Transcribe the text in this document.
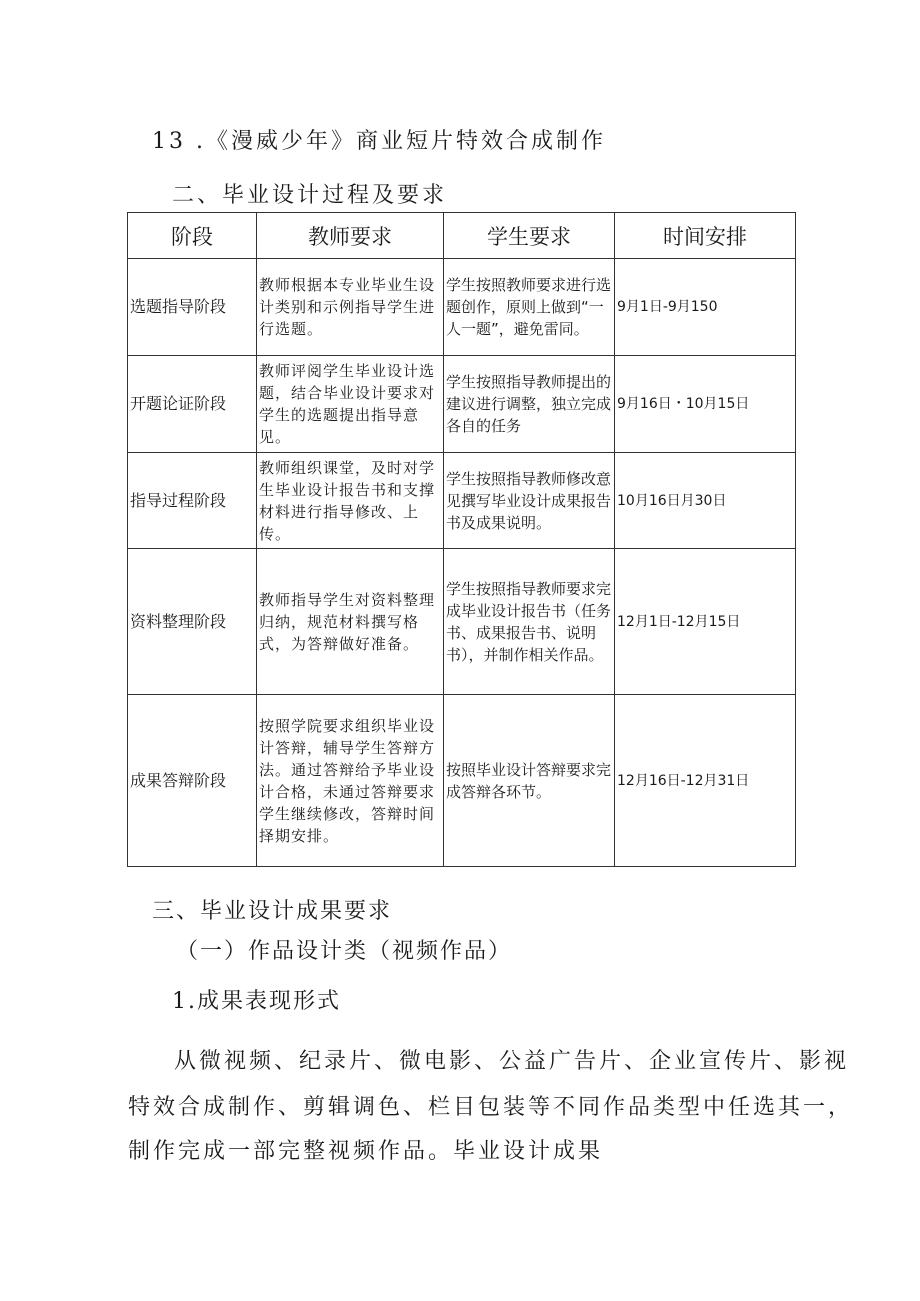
13 .《漫威少年》商业短片特效合成制作
二、毕业设计过程及要求
阶段	教师要求	学生要求	时间安排
选题指导阶段	教师根据本专业毕业生设计类别和示例指导学生进行选题。	学生按照教师要求进行选题创作，原则上做到“一人一题”，避免雷同。	9月1日-9月150
开题论证阶段	教师评阅学生毕业设计选题，结合毕业设计要求对学生的选题提出指导意见。	学生按照指导教师提出的建议进行调整，独立完成各自的任务	9月16日・10月15日
指导过程阶段	教师组织课堂，及时对学生毕业设计报告书和支撑材料进行指导修改、上传。	学生按照指导教师修改意见撰写毕业设计成果报告书及成果说明。	10月16日月30日
资料整理阶段	教师指导学生对资料整理归纳，规范材料撰写格式，为答辩做好准备。	学生按照指导教师要求完成毕业设计报告书（任务书、成果报告书、说明书），并制作相关作品。	12月1日-12月15日
成果答辩阶段	按照学院要求组织毕业设计答辩，辅导学生答辩方法。通过答辩给予毕业设计合格，未通过答辩要求学生继续修改，答辩时间择期安排。	按照毕业设计答辩要求完成答辩各环节。	12月16日-12月31日
三、毕业设计成果要求
（一）作品设计类（视频作品）
1.成果表现形式
从微视频、纪录片、微电影、公益广告片、企业宣传片、影视
特效合成制作、剪辑调色、栏目包装等不同作品类型中任选其一，
制作完成一部完整视频作品。毕业设计成果
